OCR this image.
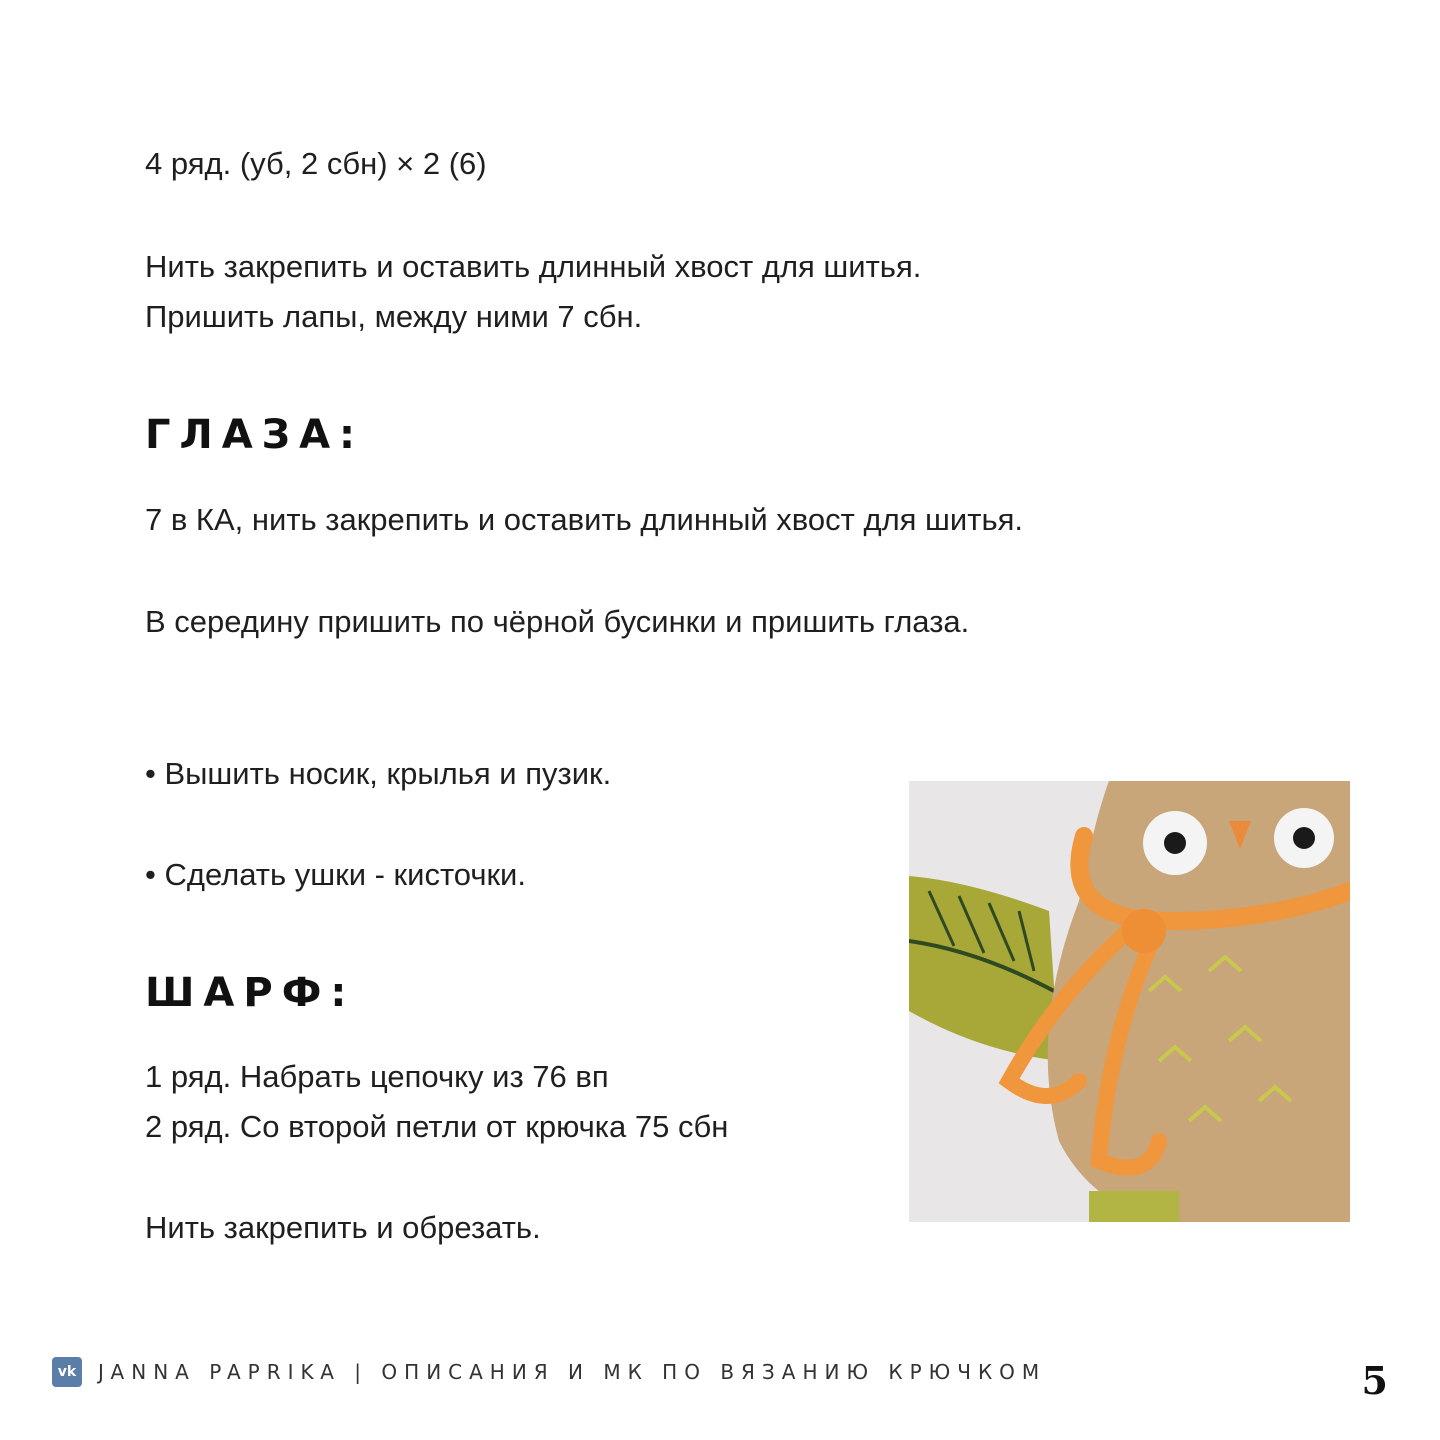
4 ряд. (уб, 2 сбн) × 2 (6)
Нить закрепить и оставить длинный хвост для шитья.
Пришить лапы, между ними 7 сбн.
ГЛАЗА:
7 в КА, нить закрепить и оставить длинный хвост для шитья.
В середину пришить по чёрной бусинки и пришить глаза.
• Вышить носик, крылья и пузик.
• Сделать ушки - кисточки.
ШАРФ:
1 ряд. Набрать цепочку из 76 вп
2 ряд. Со второй петли от крючка 75 сбн
Нить закрепить и обрезать.
vk JANNA PAPRIKA | ОПИСАНИЯ И МК ПО ВЯЗАНИЮ КРЮЧКОМ	5
